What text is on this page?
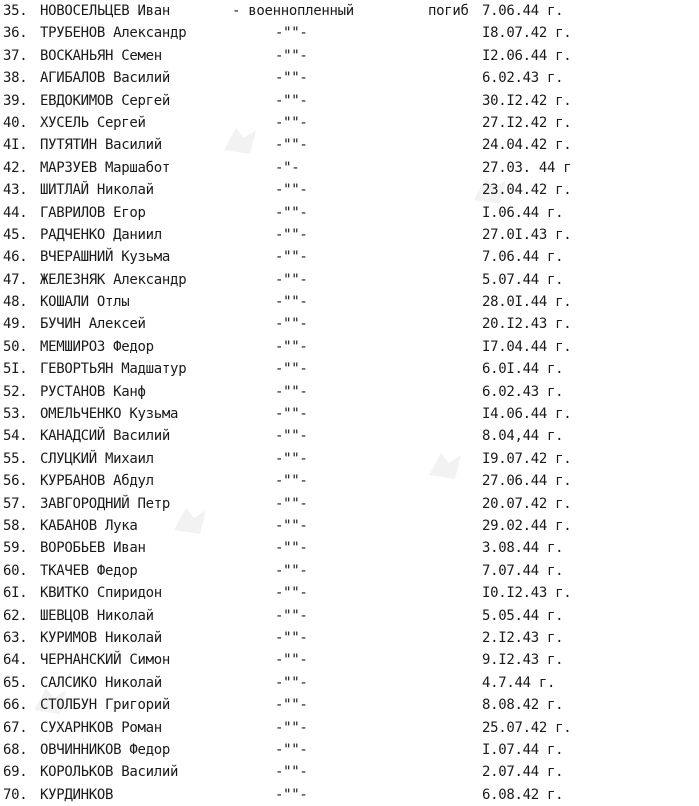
35. НОВОСЕЛЬЦЕВ Иван	- военнопленный	погиб 7.06.44 г.
36. ТРУБЕНОВ Александр	-""-	I8.07.42 г.
37. ВОСКАНЬЯН Семен	-""-	I2.06.44 г.
38. АГИБАЛОВ Василий	-""-	6.02.43 г.
39. ЕВДОКИМОВ Сергей	-""-	30.I2.42 г.
40. ХУСЕЛЬ Сергей	-""-	27.I2.42 г.
4I. ПУТЯТИН Василий	-""-	24.04.42 г.
42. МАРЗУЕВ Маршабот	-"-	27.03. 44 г
43. ШИТЛАЙ Николай	-""-	23.04.42 г.
44. ГАВРИЛОВ Егор	-""-	I.06.44 г.
45. РАДЧЕНКО Даниил	-""-	27.0I.43 г.
46. ВЧЕРАШНИЙ Кузьма	-""-	7.06.44 г.
47. ЖЕЛЕЗНЯК Александр	-""-	5.07.44 г.
48. КОШАЛИ Отлы	-""-	28.0I.44 г.
49. БУЧИН Алексей	-""-	20.I2.43 г.
50. МЕМШИРОЗ Федор	-""-	I7.04.44 г.
5I. ГЕВОРТЬЯН Мадшатур	-""-	6.0I.44 г.
52. РУСТАНОВ Канф	-""-	6.02.43 г.
53. ОМЕЛЬЧЕНКО Кузьма	-""-	I4.06.44 г.
54. КАНАДСИЙ Василий	-""-	8.04,44 г.
55. СЛУЦКИЙ Михаил	-""-	I9.07.42 г.
56. КУРБАНОВ Абдул	-""-	27.06.44 г.
57. ЗАВГОРОДНИЙ Петр	-""-	20.07.42 г.
58. КАБАНОВ Лука	-""-	29.02.44 г.
59. ВОРОБЬЕВ Иван	-""-	3.08.44 г.
60. ТКАЧЕВ Федор	-""-	7.07.44 г.
6I. КВИТКО Спиридон	-""-	I0.I2.43 г.
62. ШЕВЦОВ Николай	-""-	5.05.44 г.
63. КУРИМОВ Николай	-""-	2.I2.43 г.
64. ЧЕРНАНСКИЙ Симон	-""-	9.I2.43 г.
65. САЛСИКО Николай	-""-	4.7.44 г.
66. СТОЛБУН Григорий	-""-	8.08.42 г.
67. СУХАРНКОВ Роман	-""-	25.07.42 г.
68. ОВЧИННИКОВ Федор	-""-	I.07.44 г.
69. КОРОЛЬКОВ Василий	-""-	2.07.44 г.
70. КУРДИНКОВ	-""-	6.08.42 г.
